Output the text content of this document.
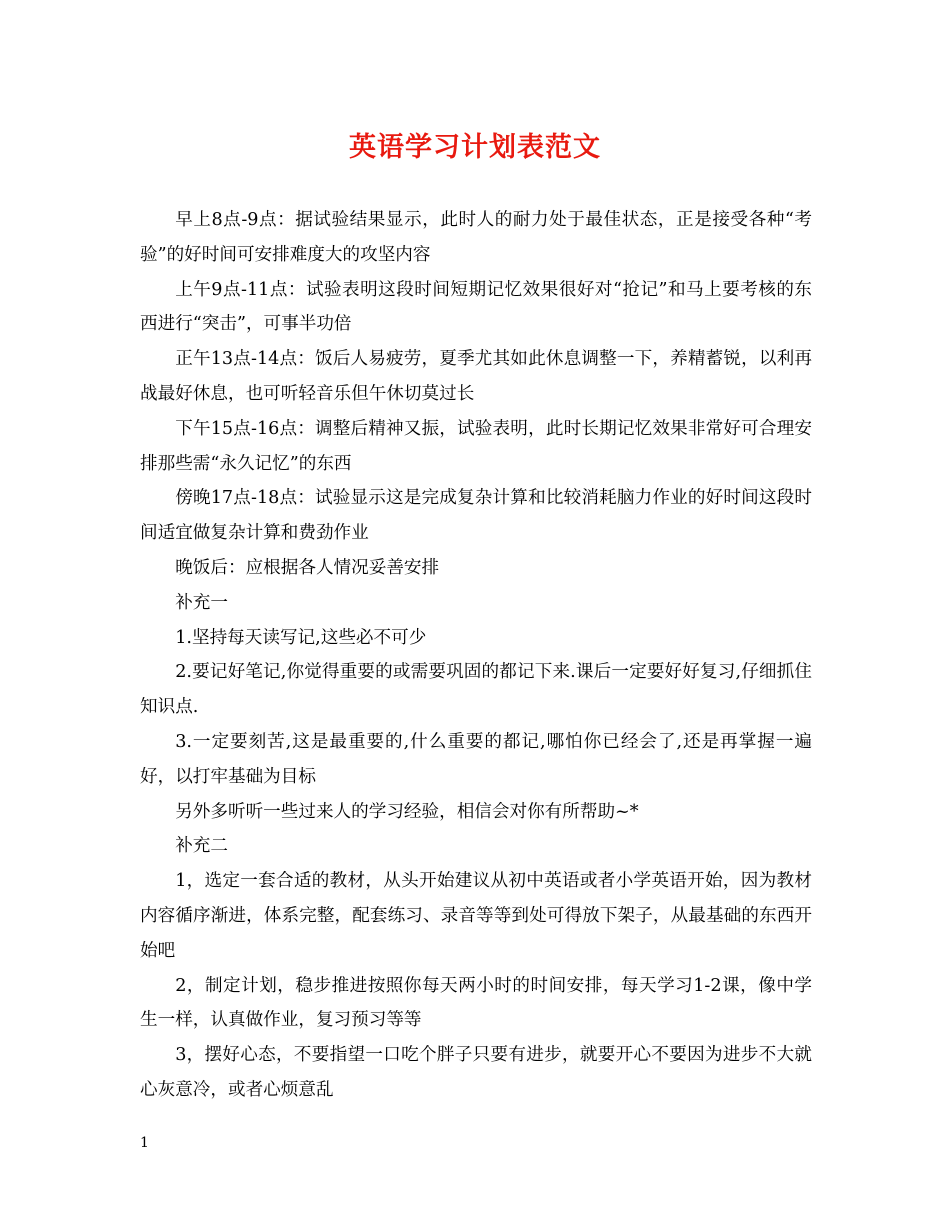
英语学习计划表范文

早上8点-9点：据试验结果显示，此时人的耐力处于最佳状态，正是接受各种“考验”的好时间可安排难度大的攻坚内容

上午9点-11点：试验表明这段时间短期记忆效果很好对“抢记”和马上要考核的东西进行“突击”，可事半功倍

正午13点-14点：饭后人易疲劳，夏季尤其如此休息调整一下，养精蓄锐，以利再战最好休息，也可听轻音乐但午休切莫过长

下午15点-16点：调整后精神又振，试验表明，此时长期记忆效果非常好可合理安排那些需“永久记忆”的东西

傍晚17点-18点：试验显示这是完成复杂计算和比较消耗脑力作业的好时间这段时间适宜做复杂计算和费劲作业

晚饭后：应根据各人情况妥善安排

补充一

1.坚持每天读写记,这些必不可少

2.要记好笔记,你觉得重要的或需要巩固的都记下来.课后一定要好好复习,仔细抓住知识点.

3.一定要刻苦,这是最重要的,什么重要的都记,哪怕你已经会了,还是再掌握一遍好，以打牢基础为目标

另外多听听一些过来人的学习经验，相信会对你有所帮助~*

补充二

1，选定一套合适的教材，从头开始建议从初中英语或者小学英语开始，因为教材内容循序渐进，体系完整，配套练习、录音等等到处可得放下架子，从最基础的东西开始吧

2，制定计划，稳步推进按照你每天两小时的时间安排，每天学习1-2课，像中学生一样，认真做作业，复习预习等等

3，摆好心态，不要指望一口吃个胖子只要有进步，就要开心不要因为进步不大就心灰意冷，或者心烦意乱

1
